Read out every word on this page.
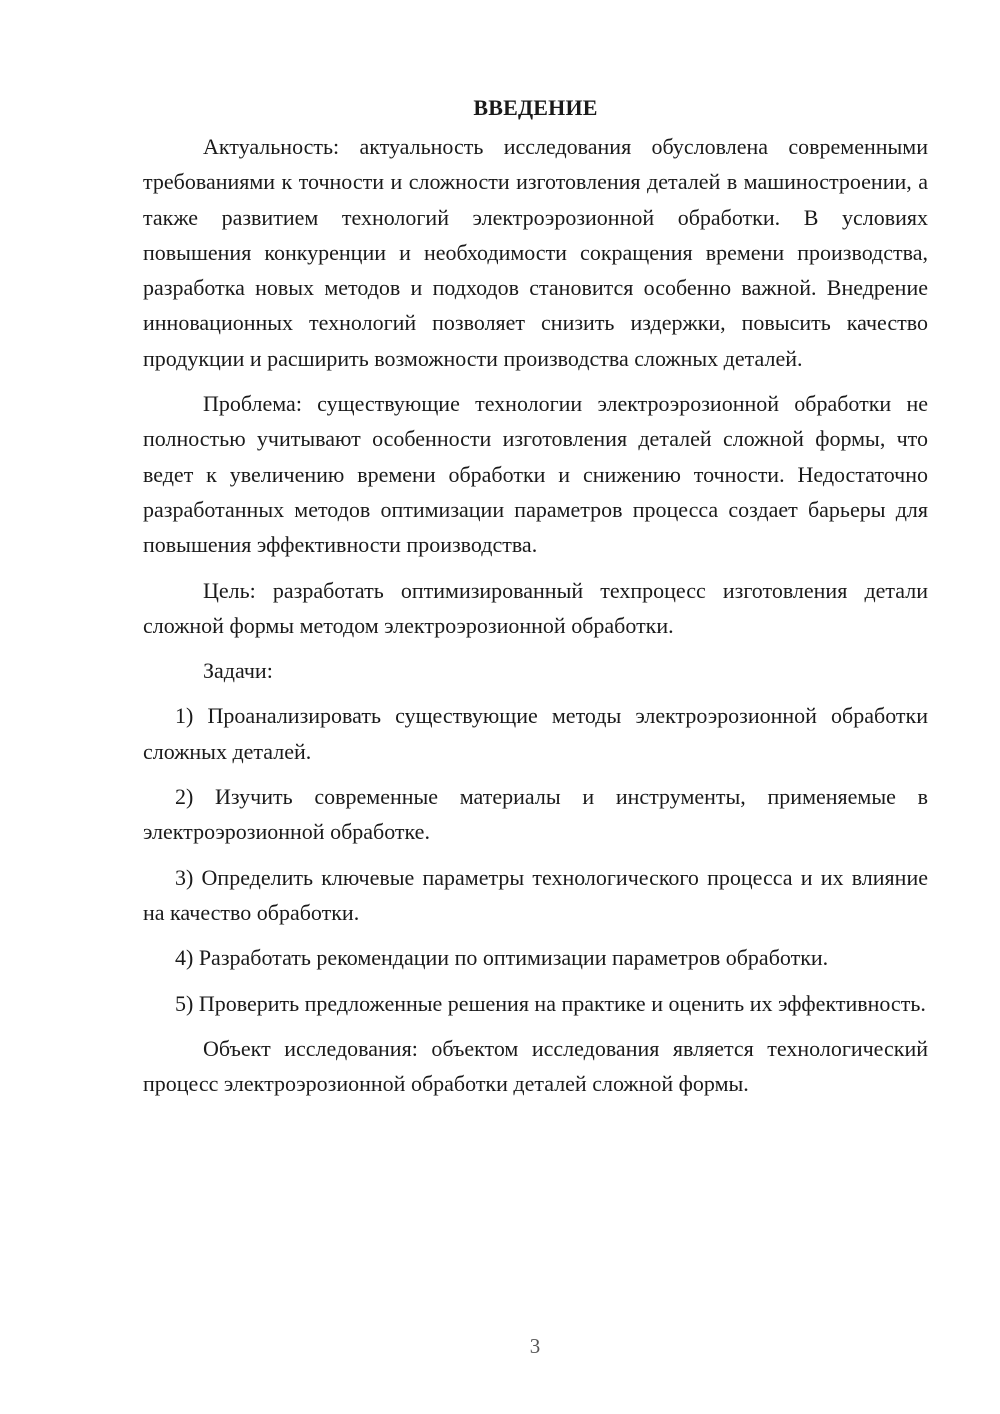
ВВЕДЕНИЕ

Актуальность: актуальность исследования обусловлена современными требованиями к точности и сложности изготовления деталей в машиностроении, а также развитием технологий электроэрозионной обработки. В условиях повышения конкуренции и необходимости сокращения времени производства, разработка новых методов и подходов становится особенно важной. Внедрение инновационных технологий позволяет снизить издержки, повысить качество продукции и расширить возможности производства сложных деталей.

Проблема: существующие технологии электроэрозионной обработки не полностью учитывают особенности изготовления деталей сложной формы, что ведет к увеличению времени обработки и снижению точности. Недостаточно разработанных методов оптимизации параметров процесса создает барьеры для повышения эффективности производства.

Цель: разработать оптимизированный техпроцесс изготовления детали сложной формы методом электроэрозионной обработки.

Задачи:

1) Проанализировать существующие методы электроэрозионной обработки сложных деталей.

2) Изучить современные материалы и инструменты, применяемые в электроэрозионной обработке.

3) Определить ключевые параметры технологического процесса и их влияние на качество обработки.

4) Разработать рекомендации по оптимизации параметров обработки.

5) Проверить предложенные решения на практике и оценить их эффективность.

Объект исследования: объектом исследования является технологический процесс электроэрозионной обработки деталей сложной формы.

3
